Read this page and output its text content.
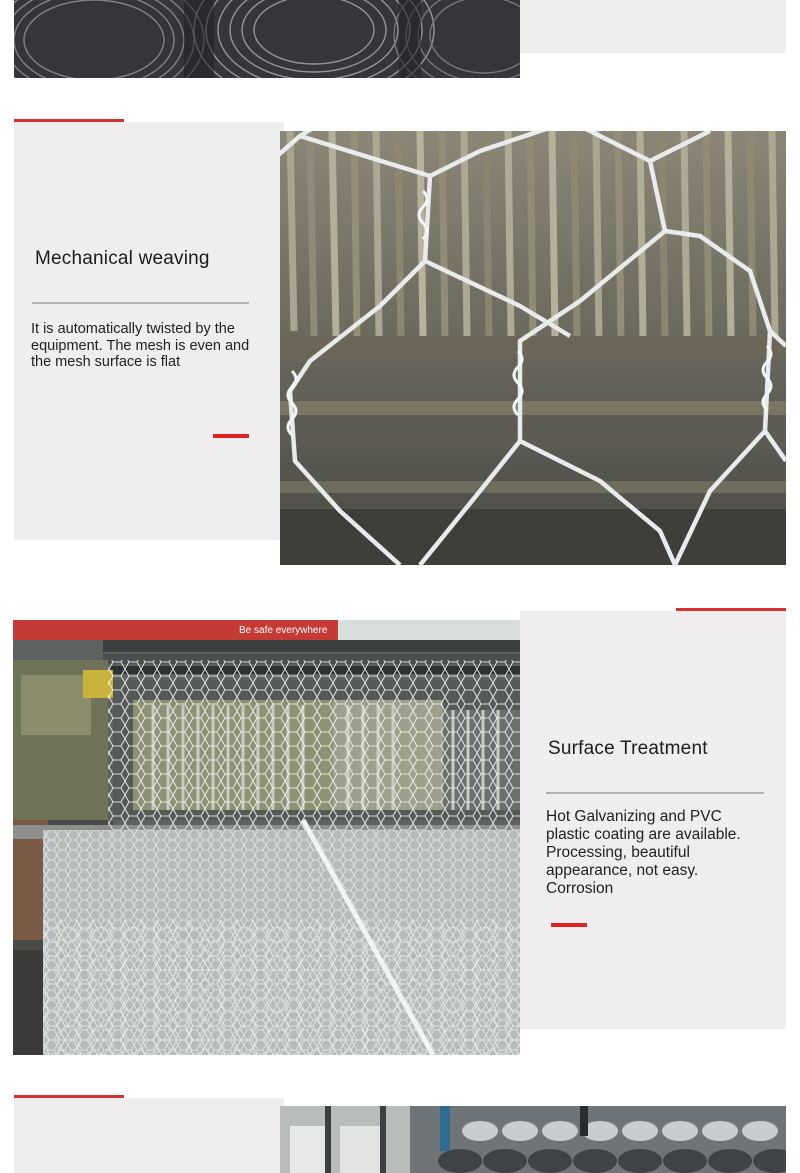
Mechanical weaving
It is automatically twisted by the equipment. The mesh is even and the mesh surface is flat
Surface Treatment
Hot Galvanizing and PVC plastic coating are available. Processing, beautiful appearance, not easy. Corrosion
Be safe everywhere
